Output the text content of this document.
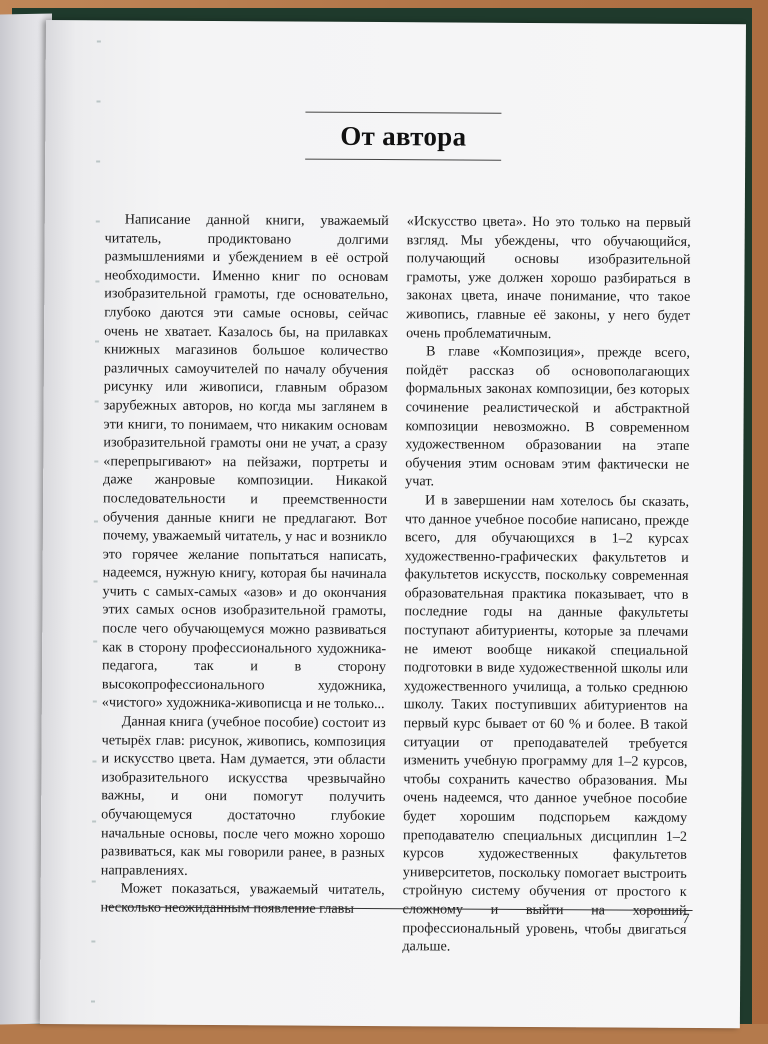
От автора

Написание данной книги, уважаемый читатель, продиктовано долгими размышлениями и убеждением в её острой необходимости. Именно книг по основам изобразительной грамоты, где основательно, глубоко даются эти самые основы, сейчас очень не хватает. Казалось бы, на прилавках книжных магазинов большое количество различных самоучителей по началу обучения рисунку или живописи, главным образом зарубежных авторов, но когда мы заглянем в эти книги, то понимаем, что никаким основам изобразительной грамоты они не учат, а сразу «перепрыгивают» на пейзажи, портреты и даже жанровые композиции. Никакой последовательности и преемственности обучения данные книги не предлагают. Вот почему, уважаемый читатель, у нас и возникло это горячее желание попытаться написать, надеемся, нужную книгу, которая бы начинала учить с самых-самых «азов» и до окончания этих самых основ изобразительной грамоты, после чего обучающемуся можно развиваться как в сторону профессионального художника-педагога, так и в сторону высокопрофессионального художника, «чистого» художника-живописца и не только...

Данная книга (учебное пособие) состоит из четырёх глав: рисунок, живопись, композиция и искусство цвета. Нам думается, эти области изобразительного искусства чрезвычайно важны, и они помогут получить обучающемуся достаточно глубокие начальные основы, после чего можно хорошо развиваться, как мы говорили ранее, в разных направлениях.

Может показаться, уважаемый читатель, несколько неожиданным появление главы

«Искусство цвета». Но это только на первый взгляд. Мы убеждены, что обучающийся, получающий основы изобразительной грамоты, уже должен хорошо разбираться в законах цвета, иначе понимание, что такое живопись, главные её законы, у него будет очень проблематичным.

В главе «Композиция», прежде всего, пойдёт рассказ об основополагающих формальных законах композиции, без которых сочинение реалистической и абстрактной композиции невозможно. В современном художественном образовании на этапе обучения этим основам этим фактически не учат.

И в завершении нам хотелось бы сказать, что данное учебное пособие написано, прежде всего, для обучающихся в 1–2 курсах художественно-графических факультетов и факультетов искусств, поскольку современная образовательная практика показывает, что в последние годы на данные факультеты поступают абитуриенты, которые за плечами не имеют вообще никакой специальной подготовки в виде художественной школы или художественного училища, а только среднюю школу. Таких поступивших абитуриентов на первый курс бывает от 60 % и более. В такой ситуации от преподавателей требуется изменить учебную программу для 1–2 курсов, чтобы сохранить качество образования. Мы очень надеемся, что данное учебное пособие будет хорошим подспорьем каждому преподавателю специальных дисциплин 1–2 курсов художественных факультетов университетов, поскольку помогает выстроить стройную систему обучения от простого к сложному и выйти на хороший профессиональный уровень, чтобы двигаться дальше.

7
